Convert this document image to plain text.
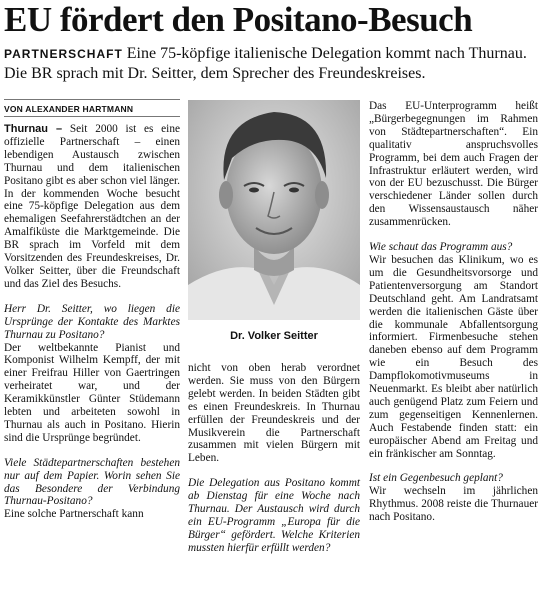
EU fördert den Positano-Besuch
PARTNERSCHAFT Eine 75-köpfige italienische Delegation kommt nach Thurnau. Die BR sprach mit Dr. Seitter, dem Sprecher des Freundeskreises.
VON ALEXANDER HARTMANN

Thurnau – Seit 2000 ist es eine offizielle Partnerschaft – einen lebendigen Austausch zwischen Thurnau und dem italienischen Positano gibt es aber schon viel länger. In der kommenden Woche besucht eine 75-köpfige Delegation aus dem ehemaligen Seefahrerstädtchen an der Amalfiküste die Marktgemeinde. Die BR sprach im Vorfeld mit dem Vorsitzenden des Freundeskreises, Dr. Volker Seitter, über die Freundschaft und das Ziel des Besuchs.

Herr Dr. Seitter, wo liegen die Ursprünge der Kontakte des Marktes Thurnau zu Positano?

Der weltbekannte Pianist und Komponist Wilhelm Kempff, der mit einer Freifrau Hiller von Gaertringen verheiratet war, und der Keramikkünstler Günter Stüdemann lebten und arbeiteten sowohl in Thurnau als auch in Positano. Hierin sind die Ursprünge begründet.

Viele Städtepartnerschaften bestehen nur auf dem Papier. Worin sehen Sie das Besondere der Verbindung Thurnau-Positano?

Eine solche Partnerschaft kann

Dr. Volker Seitter

nicht von oben herab verordnet werden. Sie muss von den Bürgern gelebt werden. In beiden Städten gibt es einen Freundeskreis. In Thurnau erfüllen der Freundeskreis und der Musikverein die Partnerschaft zusammen mit vielen Bürgern mit Leben.

Die Delegation aus Positano kommt ab Dienstag für eine Woche nach Thurnau. Der Austausch wird durch ein EU-Programm „Europa für die Bürger“ gefördert. Welche Kriterien mussten hierfür erfüllt werden?

Das EU-Unterprogramm heißt „Bürgerbegegnungen im Rahmen von Städtepartnerschaften“. Ein qualitativ anspruchsvolles Programm, bei dem auch Fragen der Infrastruktur erläutert werden, wird von der EU bezuschusst. Die Bürger verschiedener Länder sollen durch den Wissensaustausch näher zusammenrücken.

Wie schaut das Programm aus?

Wir besuchen das Klinikum, wo es um die Gesundheitsvorsorge und Patientenversorgung am Standort Deutschland geht. Am Landratsamt werden die italienischen Gäste über die kommunale Abfallentsorgung informiert. Firmenbesuche stehen daneben ebenso auf dem Programm wie ein Besuch des Dampflokomotivmuseums in Neuenmarkt. Es bleibt aber natürlich auch genügend Platz zum Feiern und zum gegenseitigen Kennenlernen. Auch Festabende finden statt: ein europäischer Abend am Freitag und ein fränkischer am Sonntag.

Ist ein Gegenbesuch geplant?

Wir wechseln im jährlichen Rhythmus. 2008 reiste die Thurnauer nach Positano.
